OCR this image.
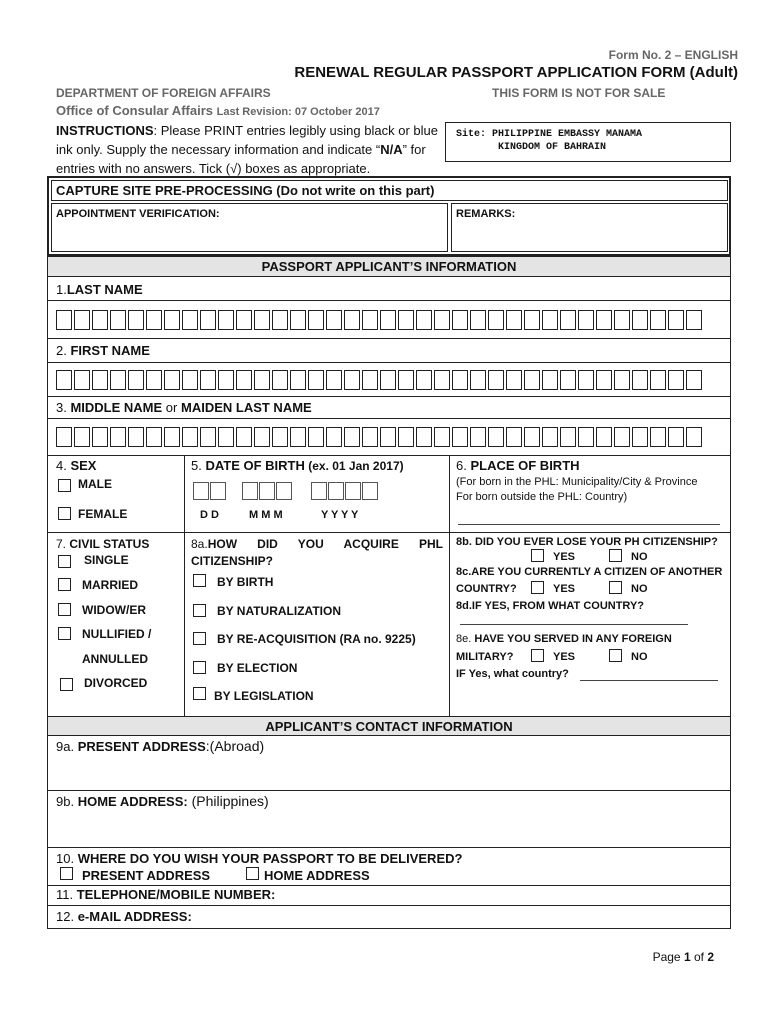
Form No. 2 – ENGLISH
RENEWAL REGULAR PASSPORT APPLICATION FORM (Adult)
DEPARTMENT OF FOREIGN AFFAIRS	THIS FORM IS NOT FOR SALE
Office of Consular Affairs Last Revision: 07 October 2017
INSTRUCTIONS: Please PRINT entries legibly using black or blue
ink only. Supply the necessary information and indicate “N/A” for
entries with no answers. Tick (√) boxes as appropriate.
Site: PHILIPPINE EMBASSY MANAMA
KINGDOM OF BAHRAIN
CAPTURE SITE PRE-PROCESSING (Do not write on this part)
APPOINTMENT VERIFICATION:	REMARKS:
PASSPORT APPLICANT’S INFORMATION
1.LAST NAME
2. FIRST NAME
3. MIDDLE NAME or MAIDEN LAST NAME
4. SEX
MALE
FEMALE
5. DATE OF BIRTH (ex. 01 Jan 2017)
D D	M M M	Y Y Y Y
6. PLACE OF BIRTH
(For born in the PHL: Municipality/City & Province
For born outside the PHL: Country)
7. CIVIL STATUS
SINGLE
MARRIED
WIDOW/ER
NULLIFIED /
ANNULLED
DIVORCED
8a. HOW DID YOU ACQUIRE PHL
CITIZENSHIP?
BY BIRTH
BY NATURALIZATION
BY RE-ACQUISITION (RA no. 9225)
BY ELECTION
BY LEGISLATION
8b. DID YOU EVER LOSE YOUR PH CITIZENSHIP?
YES	NO
8c.ARE YOU CURRENTLY A CITIZEN OF ANOTHER
COUNTRY?	YES	NO
8d.IF YES, FROM WHAT COUNTRY?
8e. HAVE YOU SERVED IN ANY FOREIGN
MILITARY?	YES	NO
IF Yes, what country?
APPLICANT’S CONTACT INFORMATION
9a. PRESENT ADDRESS:(Abroad)
9b. HOME ADDRESS: (Philippines)
10. WHERE DO YOU WISH YOUR PASSPORT TO BE DELIVERED?
PRESENT ADDRESS	HOME ADDRESS
11. TELEPHONE/MOBILE NUMBER:
12. e-MAIL ADDRESS:
Page 1 of 2
